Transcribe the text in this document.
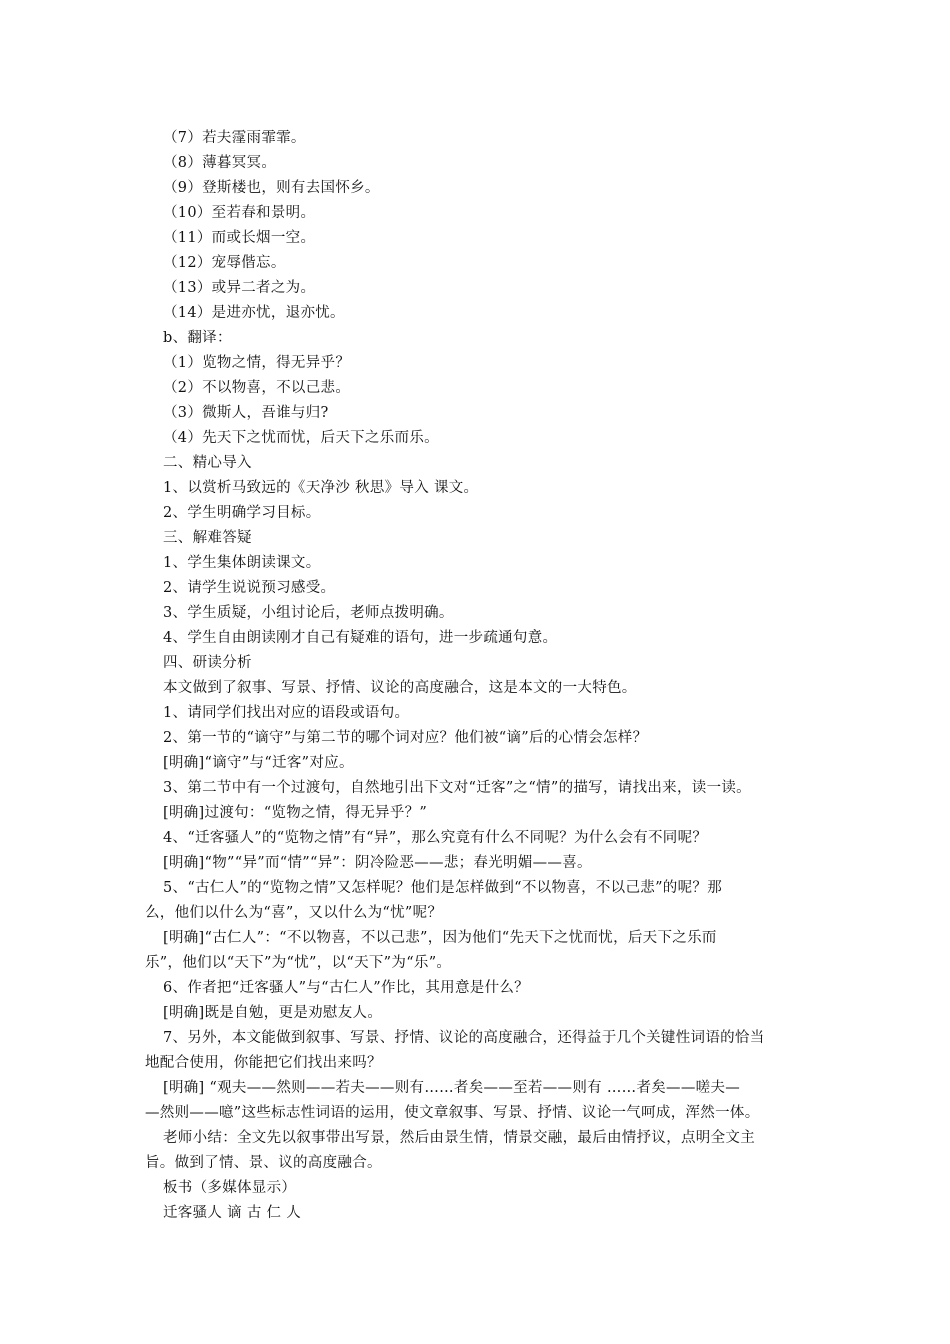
（7）若夫霪雨霏霏。
（8）薄暮冥冥。
（9）登斯楼也，则有去国怀乡。
（10）至若春和景明。
（11）而或长烟一空。
（12）宠辱偕忘。
（13）或异二者之为。
（14）是进亦忧，退亦忧。
b、翻译：
（1）览物之情，得无异乎？
（2）不以物喜，不以己悲。
（3）微斯人，吾谁与归?
（4）先天下之忧而忧，后天下之乐而乐。
二、精心导入
1、以赏析马致远的《天净沙 秋思》导入 课文。
2、学生明确学习目标。
三、解难答疑
1、学生集体朗读课文。
2、请学生说说预习感受。
3、学生质疑，小组讨论后，老师点拨明确。
4、学生自由朗读刚才自己有疑难的语句，进一步疏通句意。
四、研读分析
本文做到了叙事、写景、抒情、议论的高度融合，这是本文的一大特色。
1、请同学们找出对应的语段或语句。
2、第一节的“谪守”与第二节的哪个词对应？他们被“谪”后的心情会怎样？
[明确]“谪守”与“迁客”对应。
3、第二节中有一个过渡句，自然地引出下文对“迁客”之“情”的描写，请找出来，读一读。
[明确]过渡句：“览物之情，得无异乎？”
4、“迁客骚人”的“览物之情”有“异”，那么究竟有什么不同呢？为什么会有不同呢？
[明确]“物”“异”而“情”“异”：阴冷险恶——悲；春光明媚——喜。
5、“古仁人”的“览物之情”又怎样呢？他们是怎样做到“不以物喜，不以己悲”的呢？那
么，他们以什么为“喜”，又以什么为“忧”呢？
[明确]“古仁人”：“不以物喜，不以己悲”，因为他们“先天下之忧而忧，后天下之乐而
乐”，他们以“天下”为“忧”，以“天下”为“乐”。
6、作者把“迁客骚人”与“古仁人”作比，其用意是什么？
[明确]既是自勉，更是劝慰友人。
7、另外，本文能做到叙事、写景、抒情、议论的高度融合，还得益于几个关键性词语的恰当
地配合使用，你能把它们找出来吗？
[明确] “观夫——然则——若夫——则有……者矣——至若——则有 ……者矣——嗟夫—
—然则——噫”这些标志性词语的运用，使文章叙事、写景、抒情、议论一气呵成，浑然一体。
老师小结：全文先以叙事带出写景，然后由景生情，情景交融，最后由情抒议，点明全文主
旨。做到了情、景、议的高度融合。
板书（多媒体显示）
迁客骚人 谪 古 仁 人
